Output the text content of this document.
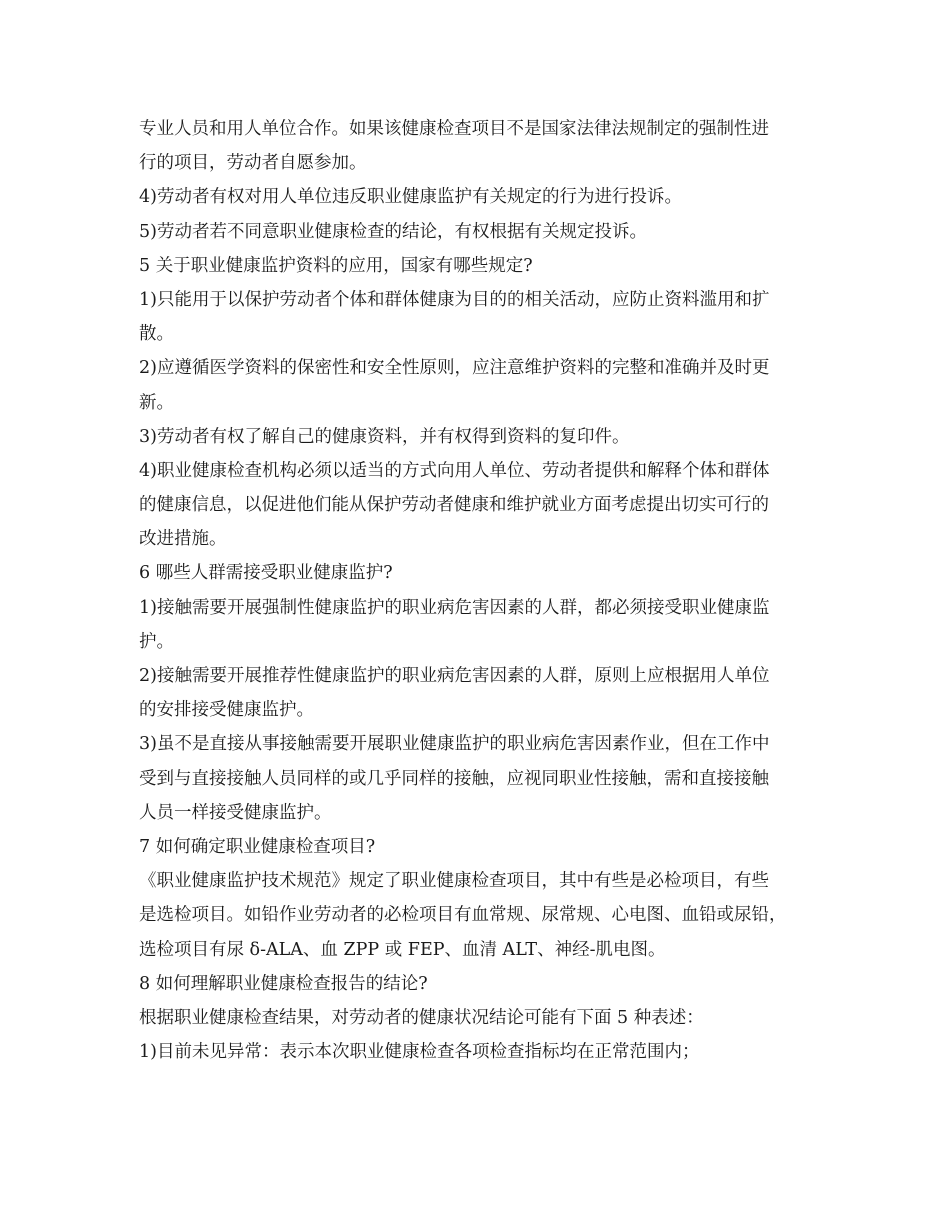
专业人员和用人单位合作。如果该健康检查项目不是国家法律法规制定的强制性进
行的项目，劳动者自愿参加。
4)劳动者有权对用人单位违反职业健康监护有关规定的行为进行投诉。
5)劳动者若不同意职业健康检查的结论，有权根据有关规定投诉。
5 关于职业健康监护资料的应用，国家有哪些规定?
1)只能用于以保护劳动者个体和群体健康为目的的相关活动，应防止资料滥用和扩
散。
2)应遵循医学资料的保密性和安全性原则，应注意维护资料的完整和准确并及时更
新。
3)劳动者有权了解自己的健康资料，并有权得到资料的复印件。
4)职业健康检查机构必须以适当的方式向用人单位、劳动者提供和解释个体和群体
的健康信息，以促进他们能从保护劳动者健康和维护就业方面考虑提出切实可行的
改进措施。
6 哪些人群需接受职业健康监护?
1)接触需要开展强制性健康监护的职业病危害因素的人群，都必须接受职业健康监
护。
2)接触需要开展推荐性健康监护的职业病危害因素的人群，原则上应根据用人单位
的安排接受健康监护。
3)虽不是直接从事接触需要开展职业健康监护的职业病危害因素作业，但在工作中
受到与直接接触人员同样的或几乎同样的接触，应视同职业性接触，需和直接接触
人员一样接受健康监护。
7 如何确定职业健康检查项目?
《职业健康监护技术规范》规定了职业健康检查项目，其中有些是必检项目，有些
是选检项目。如铅作业劳动者的必检项目有血常规、尿常规、心电图、血铅或尿铅，
选检项目有尿 δ-ALA、血 ZPP 或 FEP、血清 ALT、神经-肌电图。
8 如何理解职业健康检查报告的结论?
根据职业健康检查结果，对劳动者的健康状况结论可能有下面 5 种表述：
1)目前未见异常：表示本次职业健康检查各项检查指标均在正常范围内；
